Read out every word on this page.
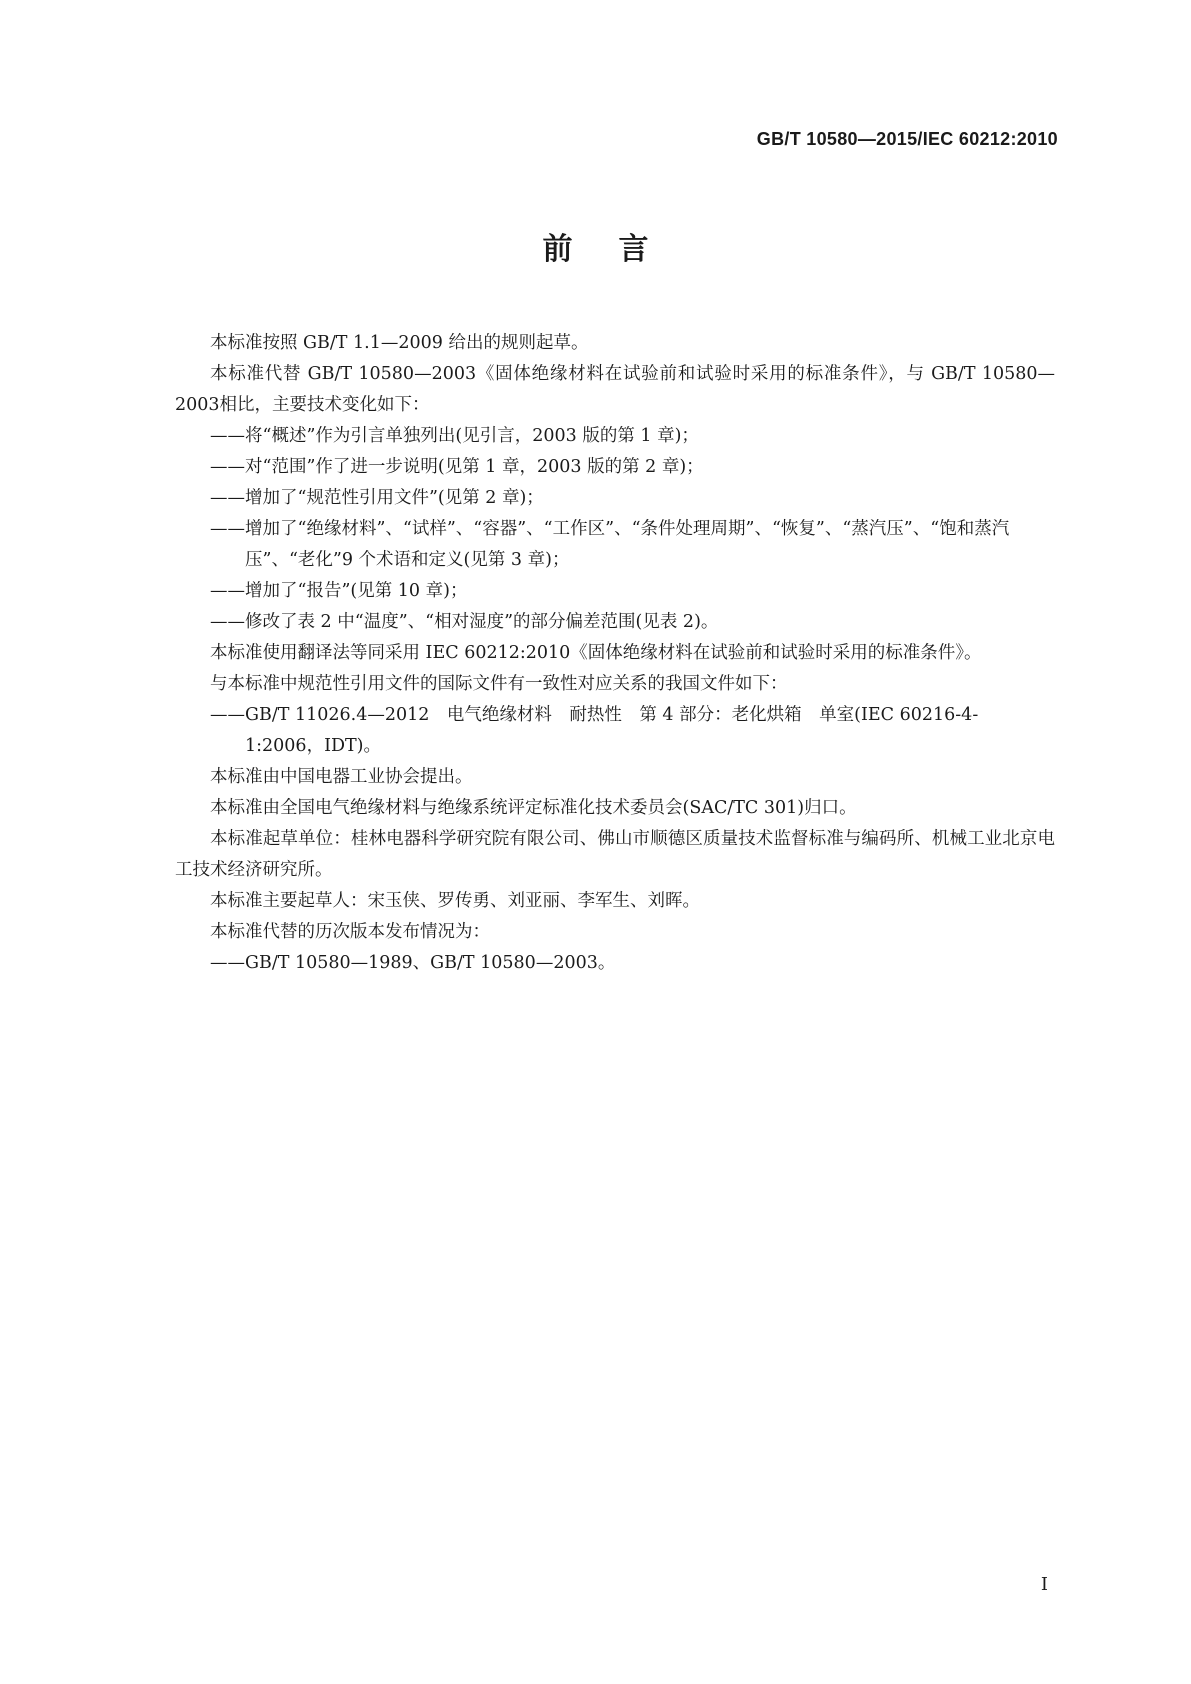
GB/T 10580—2015/IEC 60212:2010
前言

本标准按照 GB/T 1.1—2009 给出的规则起草。

本标准代替 GB/T 10580—2003《固体绝缘材料在试验前和试验时采用的标准条件》，与 GB/T 10580—2003相比，主要技术变化如下：

——将“概述”作为引言单独列出(见引言，2003 版的第 1 章)；

——对“范围”作了进一步说明(见第 1 章，2003 版的第 2 章)；

——增加了“规范性引用文件”(见第 2 章)；

——增加了“绝缘材料”、“试样”、“容器”、“工作区”、“条件处理周期”、“恢复”、“蒸汽压”、“饱和蒸汽压”、“老化”9 个术语和定义(见第 3 章)；

——增加了“报告”(见第 10 章)；

——修改了表 2 中“温度”、“相对湿度”的部分偏差范围(见表 2)。

本标准使用翻译法等同采用 IEC 60212:2010《固体绝缘材料在试验前和试验时采用的标准条件》。

与本标准中规范性引用文件的国际文件有一致性对应关系的我国文件如下：

——GB/T 11026.4—2012　电气绝缘材料　耐热性　第 4 部分：老化烘箱　单室(IEC 60216-4-1:2006，IDT)。

本标准由中国电器工业协会提出。

本标准由全国电气绝缘材料与绝缘系统评定标准化技术委员会(SAC/TC 301)归口。

本标准起草单位：桂林电器科学研究院有限公司、佛山市顺德区质量技术监督标准与编码所、机械工业北京电工技术经济研究所。

本标准主要起草人：宋玉侠、罗传勇、刘亚丽、李军生、刘晖。

本标准代替的历次版本发布情况为：

——GB/T 10580—1989、GB/T 10580—2003。

I
